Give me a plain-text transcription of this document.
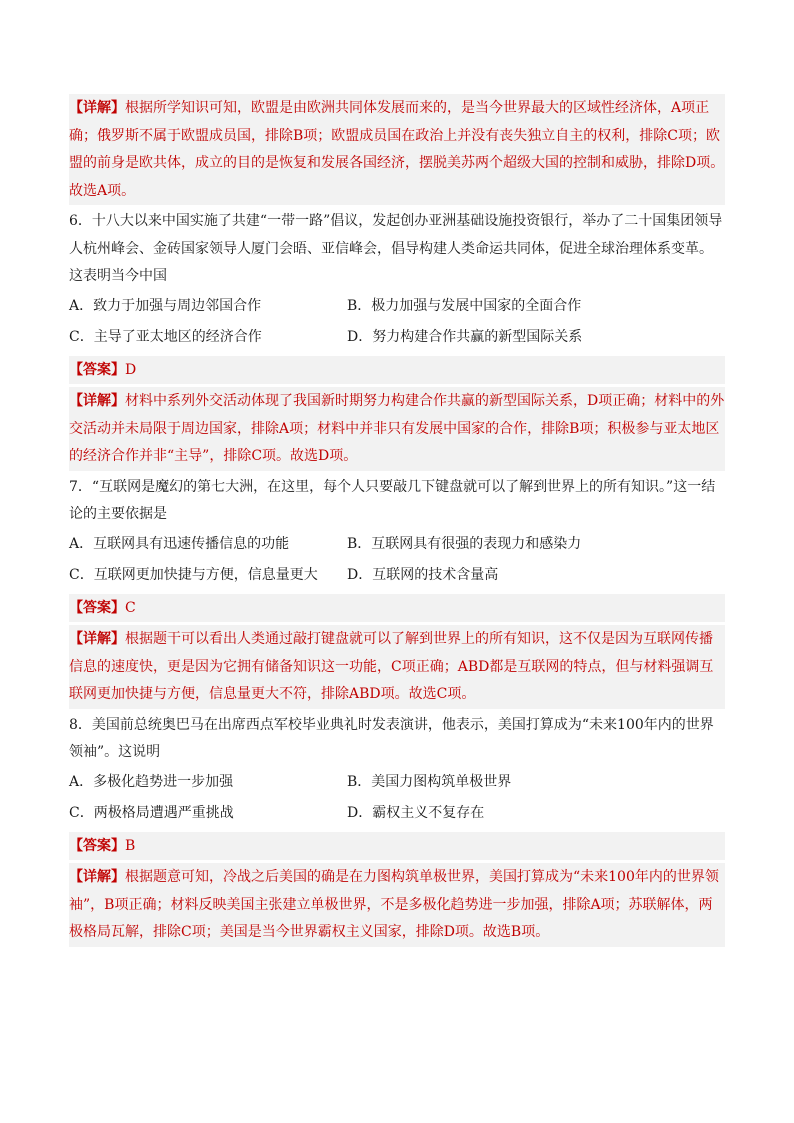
【详解】根据所学知识可知，欧盟是由欧洲共同体发展而来的，是当今世界最大的区域性经济体，A项正确；俄罗斯不属于欧盟成员国，排除B项；欧盟成员国在政治上并没有丧失独立自主的权利，排除C项；欧盟的前身是欧共体，成立的目的是恢复和发展各国经济，摆脱美苏两个超级大国的控制和威胁，排除D项。故选A项。
6．十八大以来中国实施了共建“一带一路”倡议，发起创办亚洲基础设施投资银行，举办了二十国集团领导人杭州峰会、金砖国家领导人厦门会晤、亚信峰会，倡导构建人类命运共同体，促进全球治理体系变革。这表明当今中国
A．致力于加强与周边邻国合作	B．极力加强与发展中国家的全面合作
C．主导了亚太地区的经济合作	D．努力构建合作共赢的新型国际关系
【答案】D
【详解】材料中系列外交活动体现了我国新时期努力构建合作共赢的新型国际关系，D项正确；材料中的外交活动并未局限于周边国家，排除A项；材料中并非只有发展中国家的合作，排除B项；积极参与亚太地区的经济合作并非“主导”，排除C项。故选D项。
7．“互联网是魔幻的第七大洲，在这里，每个人只要敲几下键盘就可以了解到世界上的所有知识。”这一结论的主要依据是
A．互联网具有迅速传播信息的功能	B．互联网具有很强的表现力和感染力
C．互联网更加快捷与方便，信息量更大	D．互联网的技术含量高
【答案】C
【详解】根据题干可以看出人类通过敲打键盘就可以了解到世界上的所有知识，这不仅是因为互联网传播信息的速度快，更是因为它拥有储备知识这一功能，C项正确；ABD都是互联网的特点，但与材料强调互联网更加快捷与方便，信息量更大不符，排除ABD项。故选C项。
8．美国前总统奥巴马在出席西点军校毕业典礼时发表演讲，他表示，美国打算成为“未来100年内的世界领袖”。这说明
A．多极化趋势进一步加强	B．美国力图构筑单极世界
C．两极格局遭遇严重挑战	D．霸权主义不复存在
【答案】B
【详解】根据题意可知，冷战之后美国的确是在力图构筑单极世界，美国打算成为“未来100年内的世界领袖”，B项正确；材料反映美国主张建立单极世界，不是多极化趋势进一步加强，排除A项；苏联解体，两极格局瓦解，排除C项；美国是当今世界霸权主义国家，排除D项。故选B项。
